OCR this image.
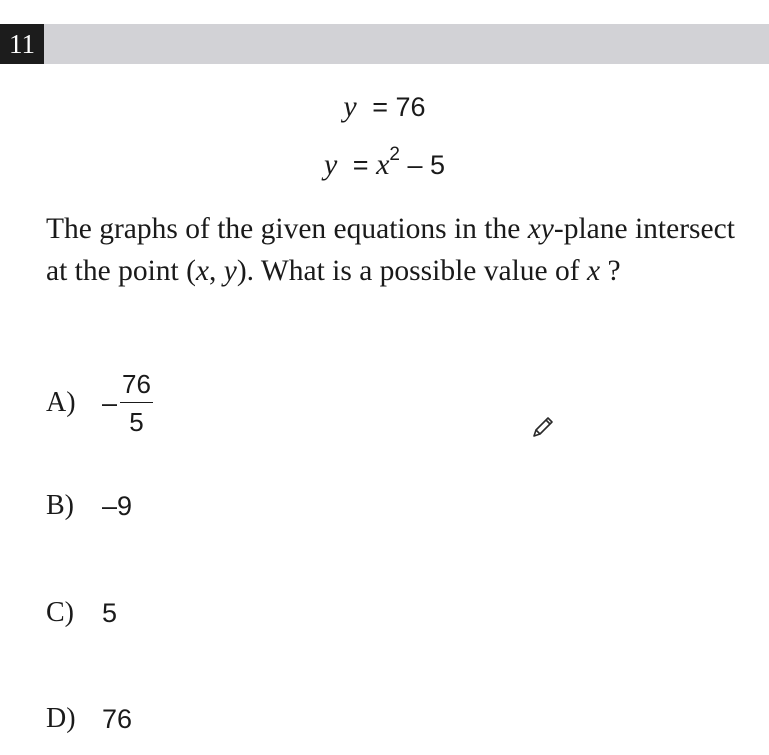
11
y = 76
$y = x^2 - 5$
The graphs of the given equations in the xy-plane intersect at the point (x, y). What is a possible value of x ?
$A) - \frac{76}{5}$
B)	–9
C)	5
D) 76
